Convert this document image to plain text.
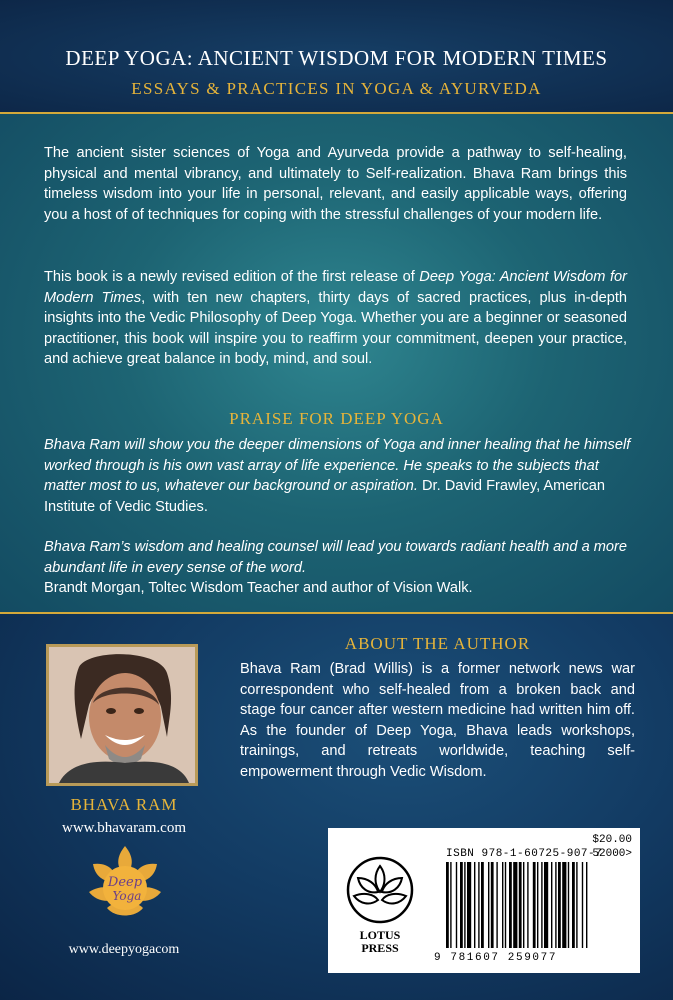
DEEP YOGA: ANCIENT WISDOM FOR MODERN TIMES
ESSAYS & PRACTICES IN YOGA & AYURVEDA

The ancient sister sciences of Yoga and Ayurveda provide a pathway to self-healing, physical and mental vibrancy, and ultimately to Self-realization. Bhava Ram brings this timeless wisdom into your life in personal, relevant, and easily applicable ways, offering you a host of of techniques for coping with the stressful challenges of your modern life.

This book is a newly revised edition of the first release of Deep Yoga: Ancient Wisdom for Modern Times, with ten new chapters, thirty days of sacred practices, plus in-depth insights into the Vedic Philosophy of Deep Yoga. Whether you are a beginner or seasoned practitioner, this book will inspire you to reaffirm your commitment, deepen your practice, and achieve great balance in body, mind, and soul.

PRAISE FOR DEEP YOGA

Bhava Ram will show you the deeper dimensions of Yoga and inner healing that he himself worked through is his own vast array of life experience. He speaks to the subjects that matter most to us, whatever our background or aspiration. Dr. David Frawley, American Institute of Vedic Studies.

Bhava Ram’s wisdom and healing counsel will lead you towards radiant health and a more abundant life in every sense of the word.
Brandt Morgan, Toltec Wisdom Teacher and author of Vision Walk.

BHAVA RAM
www.bhavaram.com
ABOUT THE AUTHOR

Bhava Ram (Brad Willis) is a former network news war correspondent who self-healed from a broken back and stage four cancer after western medicine had written him off. As the founder of Deep Yoga, Bhava leads workshops, trainings, and retreats worldwide, teaching self-empowerment through Vedic Wisdom.

Deep
Yoga
www.deepyogacom
LOTUS
PRESS
$20.00
ISBN 978-1-60725-907-7
52000>
9 781607 259077
